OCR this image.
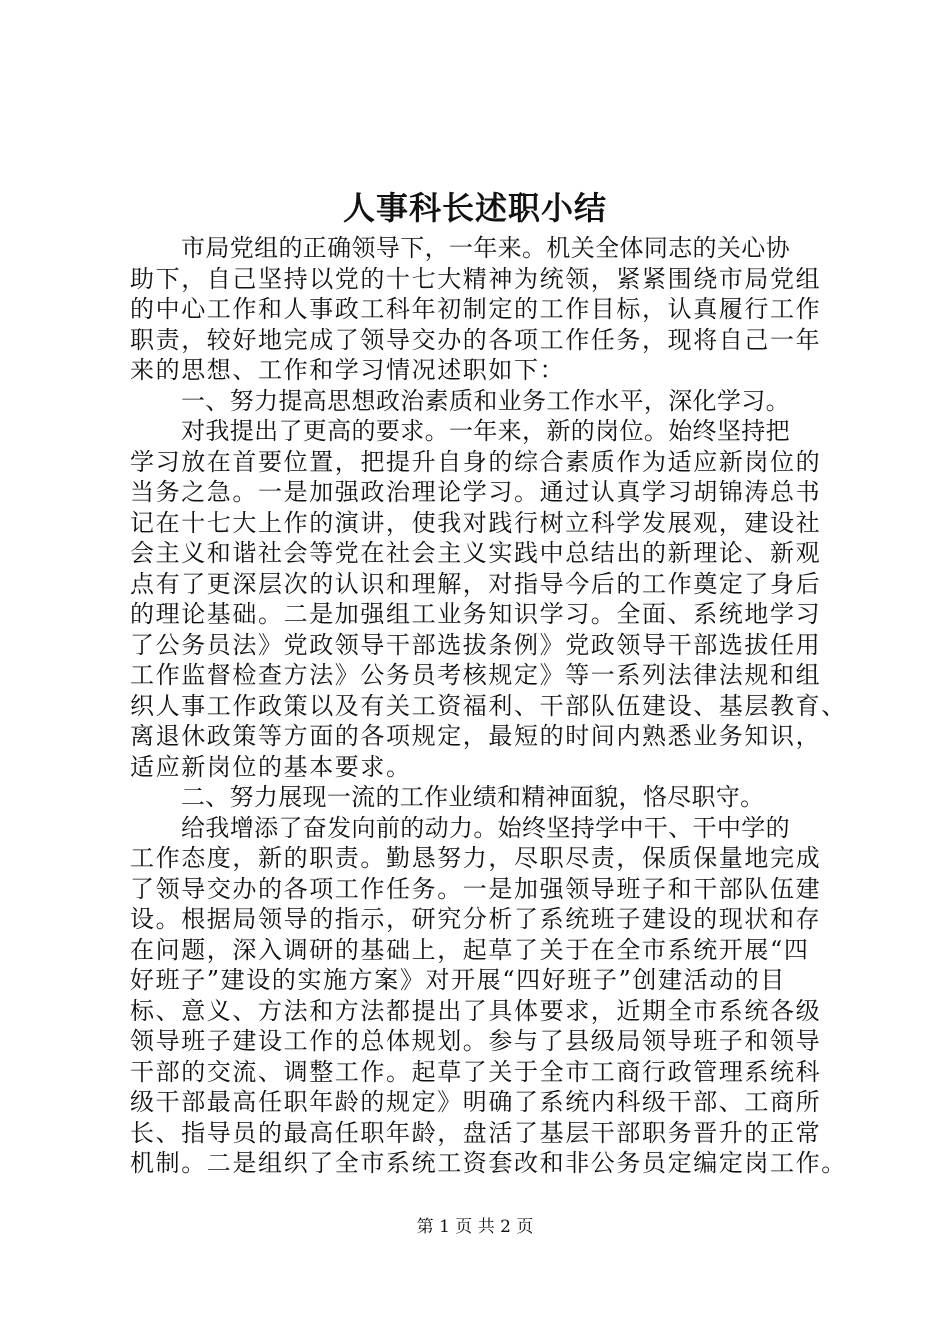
人事科长述职小结
市局党组的正确领导下，一年来。机关全体同志的关心协
助下，自己坚持以党的十七大精神为统领，紧紧围绕市局党组
的中心工作和人事政工科年初制定的工作目标，认真履行工作
职责，较好地完成了领导交办的各项工作任务，现将自己一年
来的思想、工作和学习情况述职如下：
一、努力提高思想政治素质和业务工作水平，深化学习。
对我提出了更高的要求。一年来，新的岗位。始终坚持把
学习放在首要位置，把提升自身的综合素质作为适应新岗位的
当务之急。一是加强政治理论学习。通过认真学习胡锦涛总书
记在十七大上作的演讲，使我对践行树立科学发展观，建设社
会主义和谐社会等党在社会主义实践中总结出的新理论、新观
点有了更深层次的认识和理解，对指导今后的工作奠定了身后
的理论基础。二是加强组工业务知识学习。全面、系统地学习
了公务员法》党政领导干部选拔条例》党政领导干部选拔任用
工作监督检查方法》公务员考核规定》等一系列法律法规和组
织人事工作政策以及有关工资福利、干部队伍建设、基层教育、
离退休政策等方面的各项规定，最短的时间内熟悉业务知识，
适应新岗位的基本要求。
二、努力展现一流的工作业绩和精神面貌，恪尽职守。
给我增添了奋发向前的动力。始终坚持学中干、干中学的
工作态度，新的职责。勤恳努力，尽职尽责，保质保量地完成
了领导交办的各项工作任务。一是加强领导班子和干部队伍建
设。根据局领导的指示，研究分析了系统班子建设的现状和存
在问题，深入调研的基础上，起草了关于在全市系统开展“四
好班子”建设的实施方案》对开展“四好班子”创建活动的目
标、意义、方法和方法都提出了具体要求，近期全市系统各级
领导班子建设工作的总体规划。参与了县级局领导班子和领导
干部的交流、调整工作。起草了关于全市工商行政管理系统科
级干部最高任职年龄的规定》明确了系统内科级干部、工商所
长、指导员的最高任职年龄，盘活了基层干部职务晋升的正常
机制。二是组织了全市系统工资套改和非公务员定编定岗工作。
第 1 页 共 2 页
